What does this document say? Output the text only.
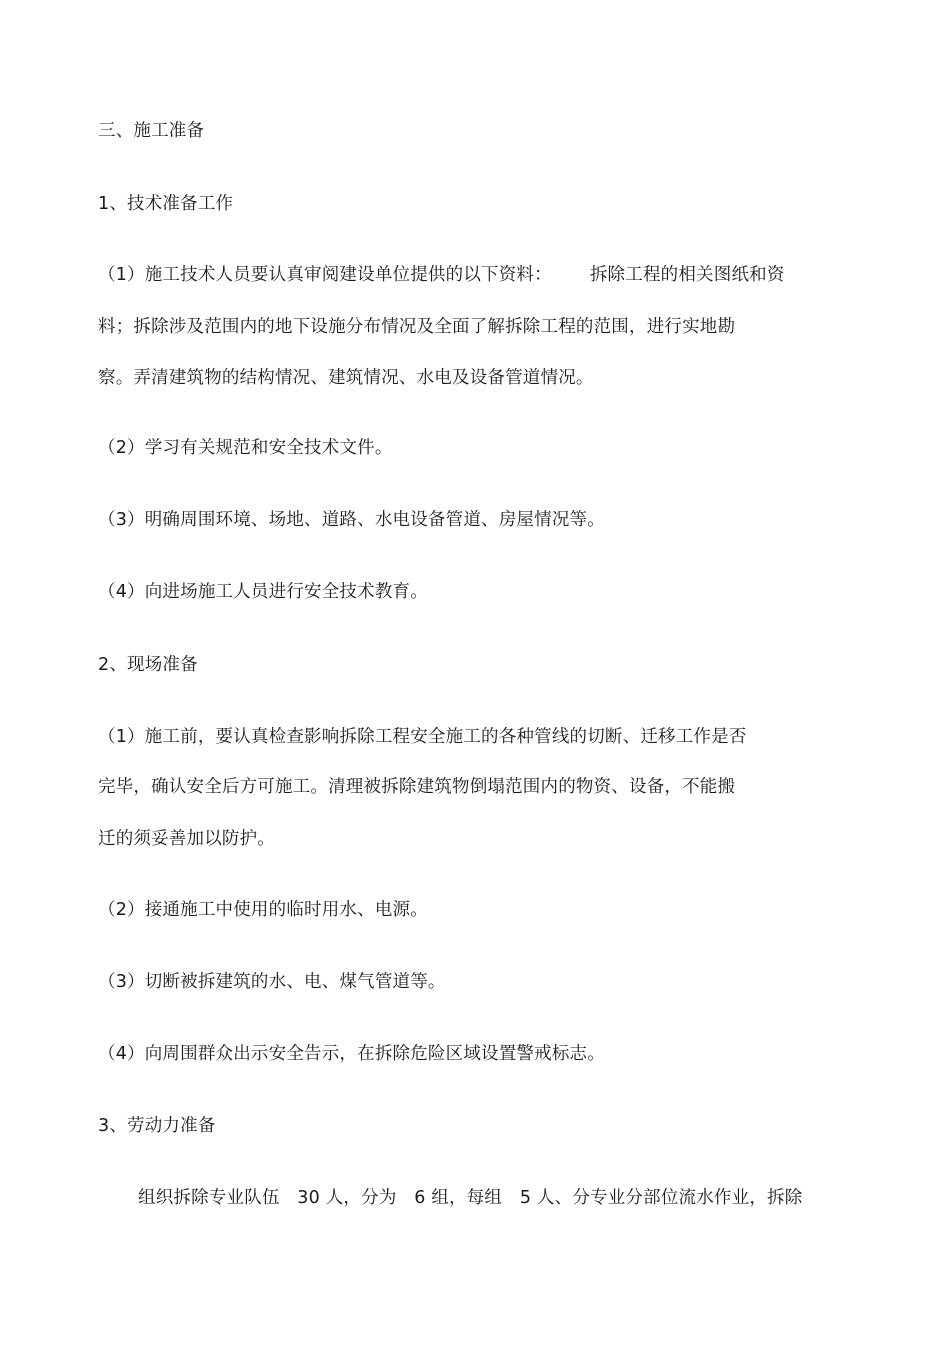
三、施工准备
1、技术准备工作
（1）施工技术人员要认真审阅建设单位提供的以下资料： 拆除工程的相关图纸和资
料；拆除涉及范围内的地下设施分布情况及全面了解拆除工程的范围，进行实地勘
察。弄清建筑物的结构情况、建筑情况、水电及设备管道情况。
（2）学习有关规范和安全技术文件。
（3）明确周围环境、场地、道路、水电设备管道、房屋情况等。
（4）向进场施工人员进行安全技术教育。
2、现场准备
（1）施工前，要认真检查影响拆除工程安全施工的各种管线的切断、迁移工作是否
完毕，确认安全后方可施工。清理被拆除建筑物倒塌范围内的物资、设备，不能搬
迁的须妥善加以防护。
（2）接通施工中使用的临时用水、电源。
（3）切断被拆建筑的水、电、煤气管道等。
（4）向周围群众出示安全告示，在拆除危险区域设置警戒标志。
3、劳动力准备
组织拆除专业队伍　30 人，分为　6 组，每组　5 人、分专业分部位流水作业，拆除
